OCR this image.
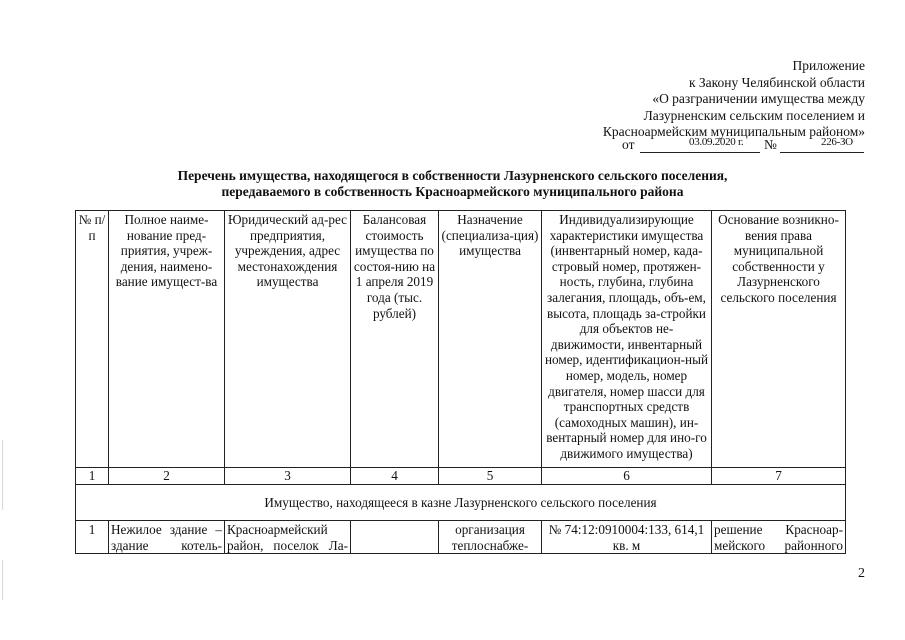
Приложение
к Закону Челябинской области
«О разграничении имущества между
Лазурненским сельским поселением и
Красноармейским муниципальным районом»
от	03.09.2020 г. №	226-ЗО
Перечень имущества, находящегося в собственности Лазурненского сельского поселения,
передаваемого в собственность Красноармейского муниципального района
№ п/п	Полное наиме-нование пред-приятия, учреж-дения, наимено-вание имущест-ва	Юридический ад-рес предприятия, учреждения, адрес местонахождения имущества	Балансовая стоимость имущества по состоя-нию на 1 апреля 2019 года (тыс. рублей)	Назначение (специализа-ция) имущества	Индивидуализирующие характеристики имущества (инвентарный номер, када-стровый номер, протяжен-ность, глубина, глубина залегания, площадь, объ-ем, высота, площадь за-стройки для объектов не-движимости, инвентарный номер, идентификацион-ный номер, модель, номер двигателя, номер шасси для транспортных средств (самоходных машин), ин-вентарный номер для ино-го движимого имущества)	Основание возникно-вения права муниципальной собственности у Лазурненского сельского поселения
1	2	3	4	5	6	7
Имущество, находящееся в казне Лазурненского сельского поселения						
1	Нежилое здание – здание котель-	Красноармейский район, поселок Ла-		организация теплоснабже-	№ 74:12:0910004:133, 614,1 кв. м	решение Красноар-мейского районного
2
